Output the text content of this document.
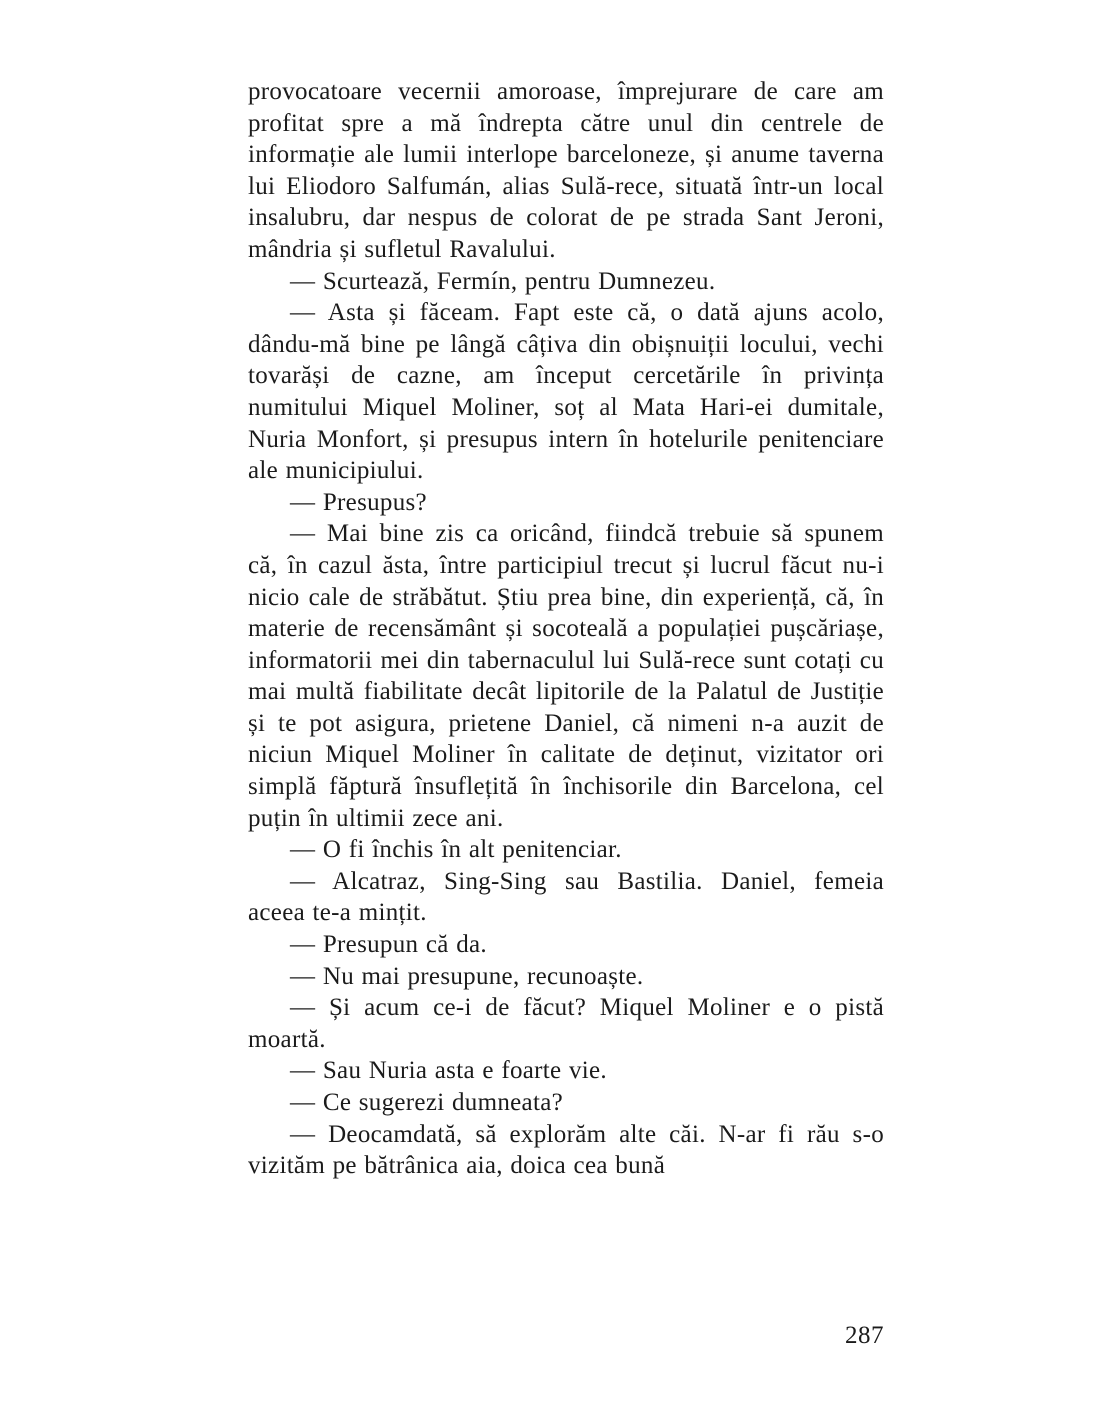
provocatoare vecernii amoroase, împrejurare de care am profitat spre a mă îndrepta către unul din centrele de informație ale lumii interlope barceloneze, și anume taverna lui Eliodoro Salfumán, alias Sulă-rece, situată într-un local insalubru, dar nespus de colorat de pe strada Sant Jeroni, mândria și sufletul Ravalului.

— Scurtează, Fermín, pentru Dumnezeu.

— Asta și făceam. Fapt este că, o dată ajuns acolo, dându-mă bine pe lângă câțiva din obișnuiții locului, vechi tovarăși de cazne, am început cercetările în privința numitului Miquel Moliner, soț al Mata Hari-ei dumitale, Nuria Monfort, și presupus intern în hotelurile penitenciare ale municipiului.

— Presupus?

— Mai bine zis ca oricând, fiindcă trebuie să spunem că, în cazul ăsta, între participiul trecut și lucrul făcut nu-i nicio cale de străbătut. Știu prea bine, din experiență, că, în materie de recensământ și socoteală a populației pușcăriașe, informatorii mei din tabernaculul lui Sulă-rece sunt cotați cu mai multă fiabilitate decât lipitorile de la Palatul de Justiție și te pot asigura, prietene Daniel, că nimeni n-a auzit de niciun Miquel Moliner în calitate de deținut, vizitator ori simplă făptură însuflețită în închisorile din Barcelona, cel puțin în ultimii zece ani.

— O fi închis în alt penitenciar.

— Alcatraz, Sing-Sing sau Bastilia. Daniel, femeia aceea te-a mințit.

— Presupun că da.

— Nu mai presupune, recunoaște.

— Și acum ce-i de făcut? Miquel Moliner e o pistă moartă.

— Sau Nuria asta e foarte vie.

— Ce sugerezi dumneata?

— Deocamdată, să explorăm alte căi. N-ar fi rău s-o vizităm pe bătrânica aia, doica cea bună

287
